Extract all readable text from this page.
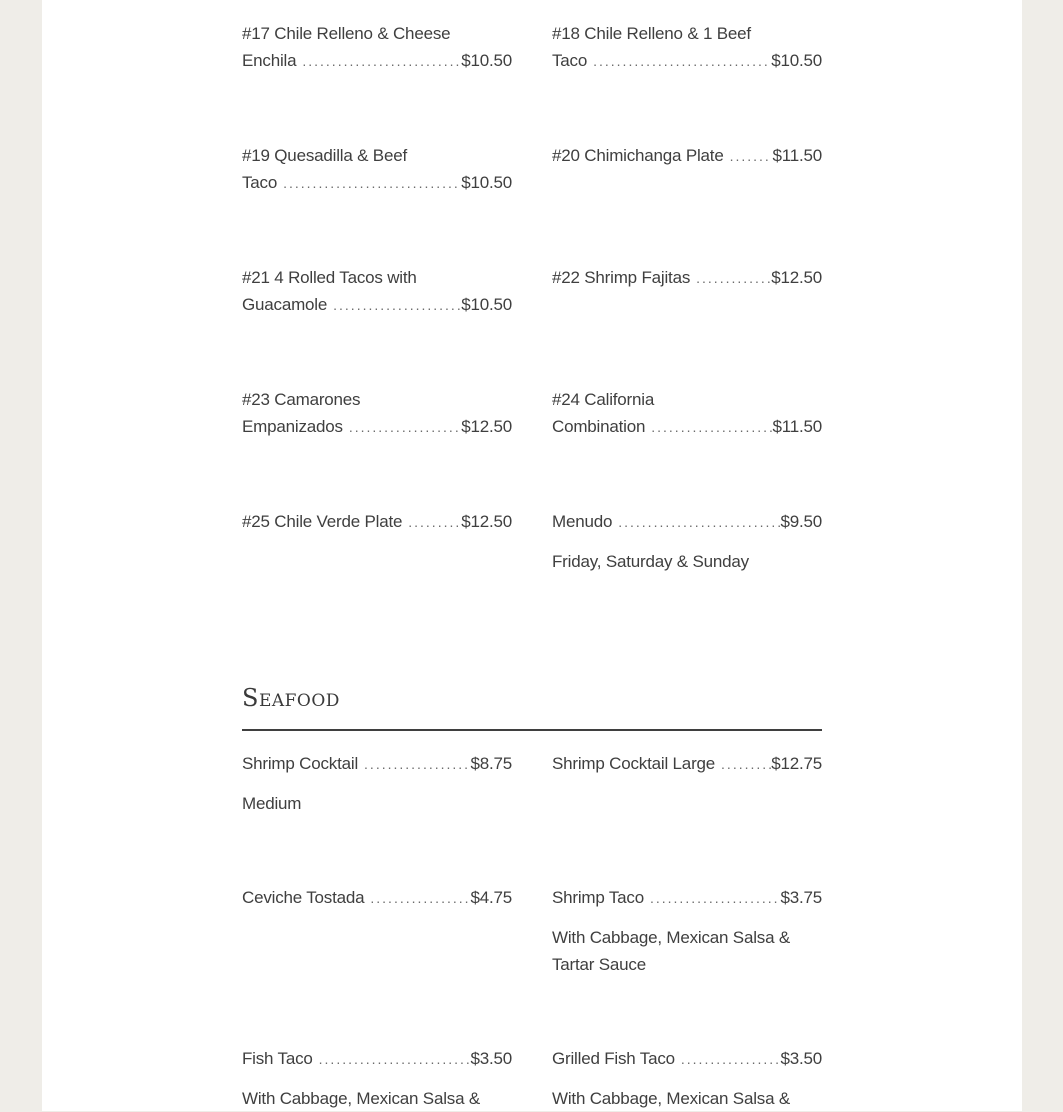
#17 Chile Relleno & Cheese
Enchila .....	$10.50
#18 Chile Relleno & 1 Beef
Taco .....	$10.50
#19 Quesadilla & Beef
Taco .....	$10.50
#20 Chimichanga Plate .....	$11.50
#21 4 Rolled Tacos with
Guacamole .....	$10.50
#22 Shrimp Fajitas .....	$12.50
#23 Camarones
Empanizados .....	$12.50
#24 California
Combination .....	$11.50
#25 Chile Verde Plate .....	$12.50 Menudo .....	$9.50
Friday, Saturday & Sunday
Seafood
Shrimp Cocktail .....	$8.75
Medium
Shrimp Cocktail Large .....	$12.75
Ceviche Tostada .....	$4.75 Shrimp Taco .....	$3.75
With Cabbage, Mexican Salsa & Tartar Sauce
Fish Taco .....	$3.50
With Cabbage, Mexican Salsa &
Grilled Fish Taco .....	$3.50
With Cabbage, Mexican Salsa &
